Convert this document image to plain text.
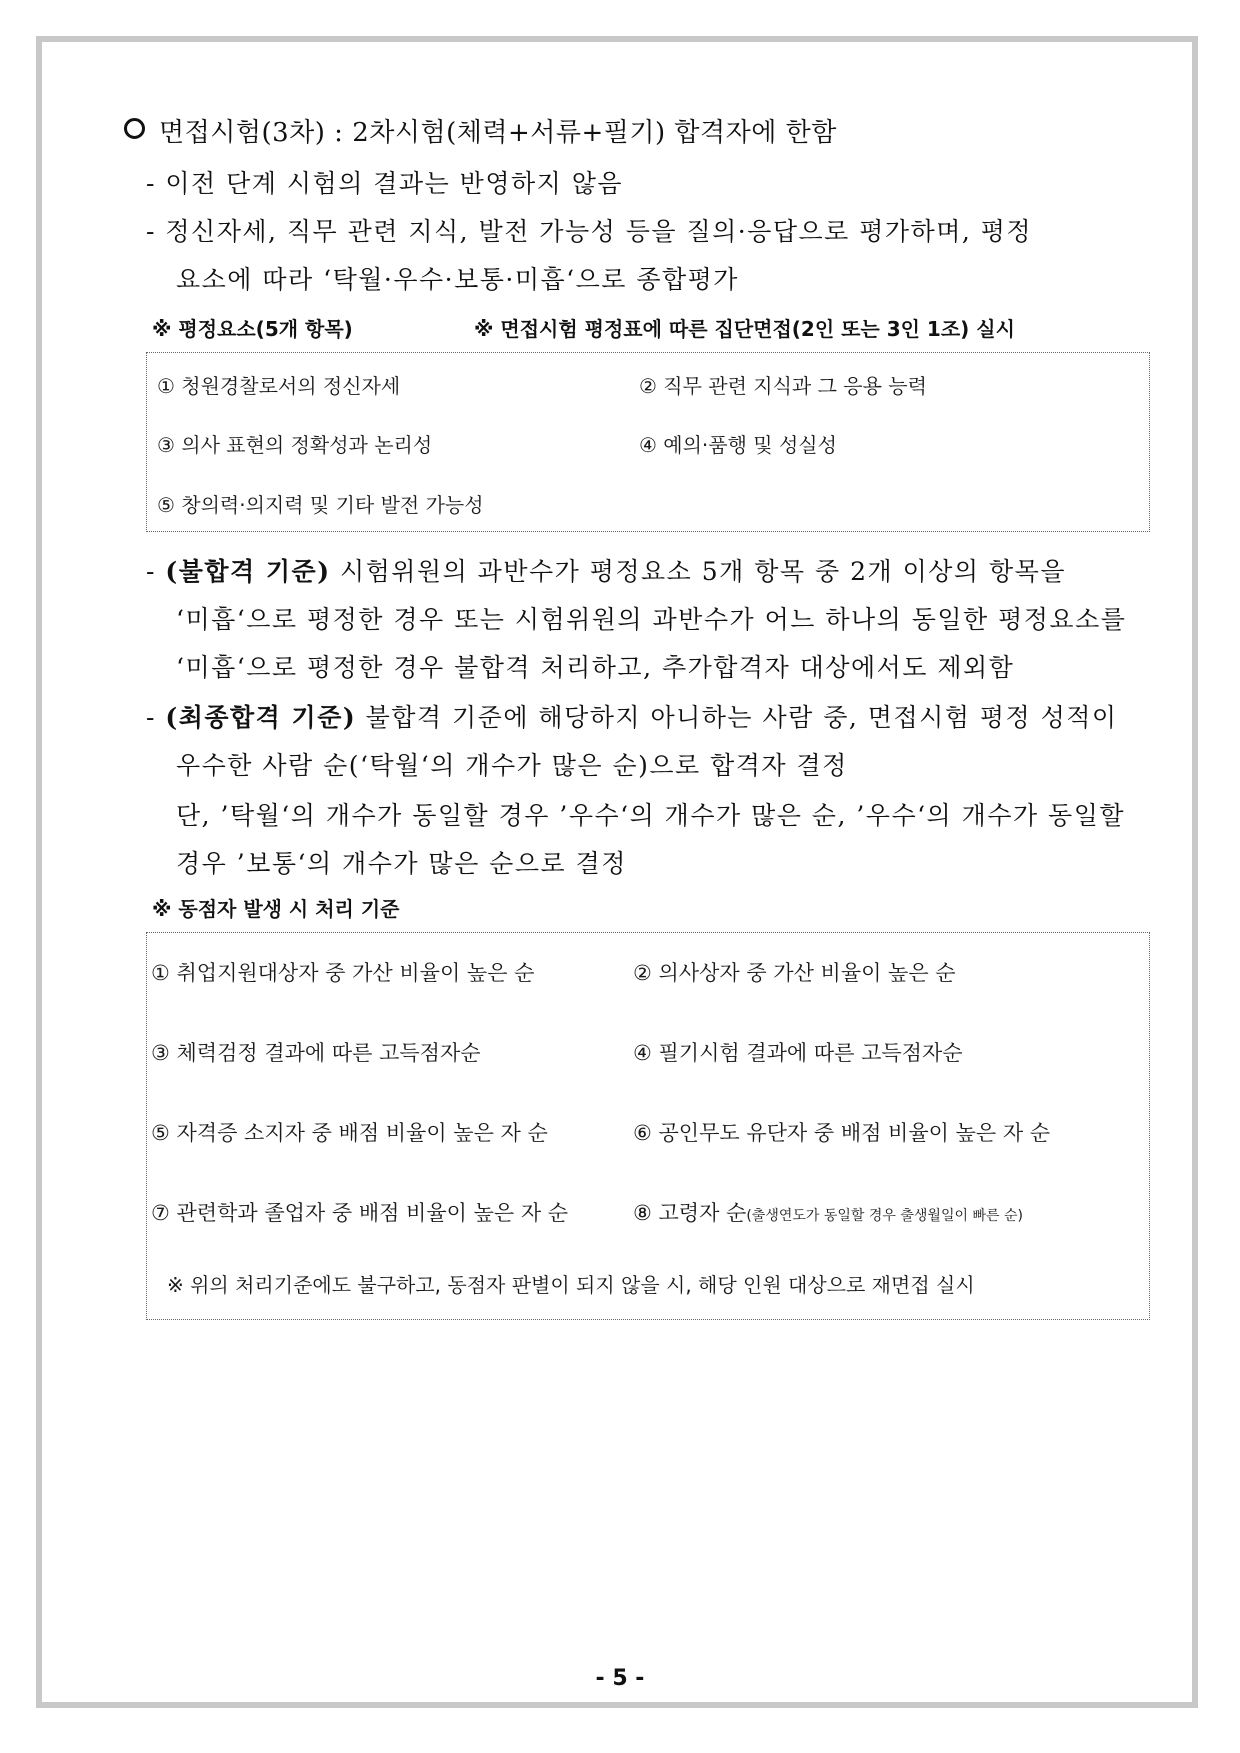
면접시험(3차) : 2차시험(체력+서류+필기) 합격자에 한함
- 이전 단계 시험의 결과는 반영하지 않음
- 정신자세, 직무 관련 지식, 발전 가능성 등을 질의·응답으로 평가하며, 평정
요소에 따라 ‘탁월·우수·보통·미흡‘으로 종합평가
※ 평정요소(5개 항목)	※ 면접시험 평정표에 따른 집단면접(2인 또는 3인 1조) 실시
① 청원경찰로서의 정신자세	② 직무 관련 지식과 그 응용 능력
③ 의사 표현의 정확성과 논리성	④ 예의·품행 및 성실성
⑤ 창의력·의지력 및 기타 발전 가능성
- (불합격 기준) 시험위원의 과반수가 평정요소 5개 항목 중 2개 이상의 항목을
‘미흡‘으로 평정한 경우 또는 시험위원의 과반수가 어느 하나의 동일한 평정요소를
‘미흡‘으로 평정한 경우 불합격 처리하고, 추가합격자 대상에서도 제외함
- (최종합격 기준) 불합격 기준에 해당하지 아니하는 사람 중, 면접시험 평정 성적이
우수한 사람 순(‘탁월‘의 개수가 많은 순)으로 합격자 결정
단, ’탁월‘의 개수가 동일할 경우 ’우수‘의 개수가 많은 순, ’우수‘의 개수가 동일할
경우 ’보통‘의 개수가 많은 순으로 결정
※ 동점자 발생 시 처리 기준
① 취업지원대상자 중 가산 비율이 높은 순	② 의사상자 중 가산 비율이 높은 순
③ 체력검정 결과에 따른 고득점자순	④ 필기시험 결과에 따른 고득점자순
⑤ 자격증 소지자 중 배점 비율이 높은 자 순	⑥ 공인무도 유단자 중 배점 비율이 높은 자 순
⑦ 관련학과 졸업자 중 배점 비율이 높은 자 순	⑧ 고령자 순(출생연도가 동일할 경우 출생월일이 빠른 순)
※ 위의 처리기준에도 불구하고, 동점자 판별이 되지 않을 시, 해당 인원 대상으로 재면접 실시
- 5 -
